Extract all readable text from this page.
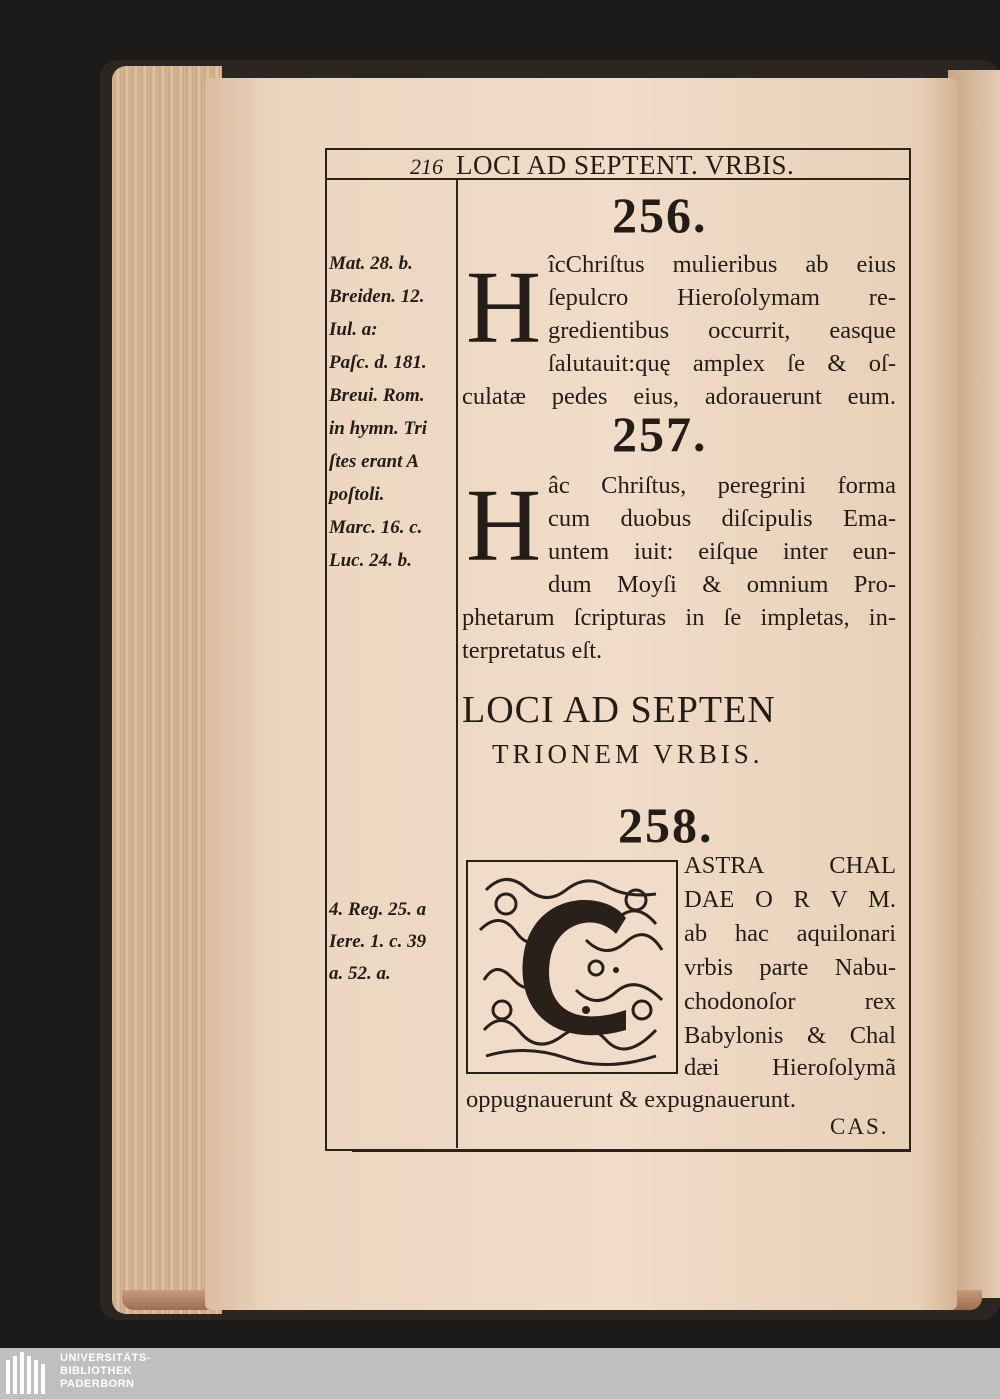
216 LOCI AD SEPTENT. VRBIS.
256.
H îcChriſtus mulieribus ab eius
ſepulcro Hieroſolymam re-
gredientibus occurrit, easque
ſalutauit:quę amplex ſe & oſ-
culatæ pedes eius, adorauerunt eum.
Mat. 28. b.
Breiden. 12.
Iul. a:
Paſc. d. 181.
Breui. Rom.
in hymn. Tri
ſtes erant A
poſtoli.
257.
H âc Chriſtus, peregrini forma
cum duobus diſcipulis Ema-
untem iuit: eiſque inter eun-
dum Moyſi & omnium Pro-
phetarum ſcripturas in ſe impletas, in-
terpretatus eſt.
Marc. 16. c.
Luc. 24. b.
LOCI AD SEPTEN
TRIONEM VRBIS.
258.
ASTRA CHAL
DAE O R V M.
ab hac aquilonari
vrbis parte Nabu-
chodonoſor rex
Babylonis & Chal
dæi Hieroſolymã
oppugnauerunt & expugnauerunt.
4. Reg. 25. a
Iere. 1. c. 39
a. 52. a.
CAS.
UNIVERSITÄTS-
BIBLIOTHEK
PADERBORN
